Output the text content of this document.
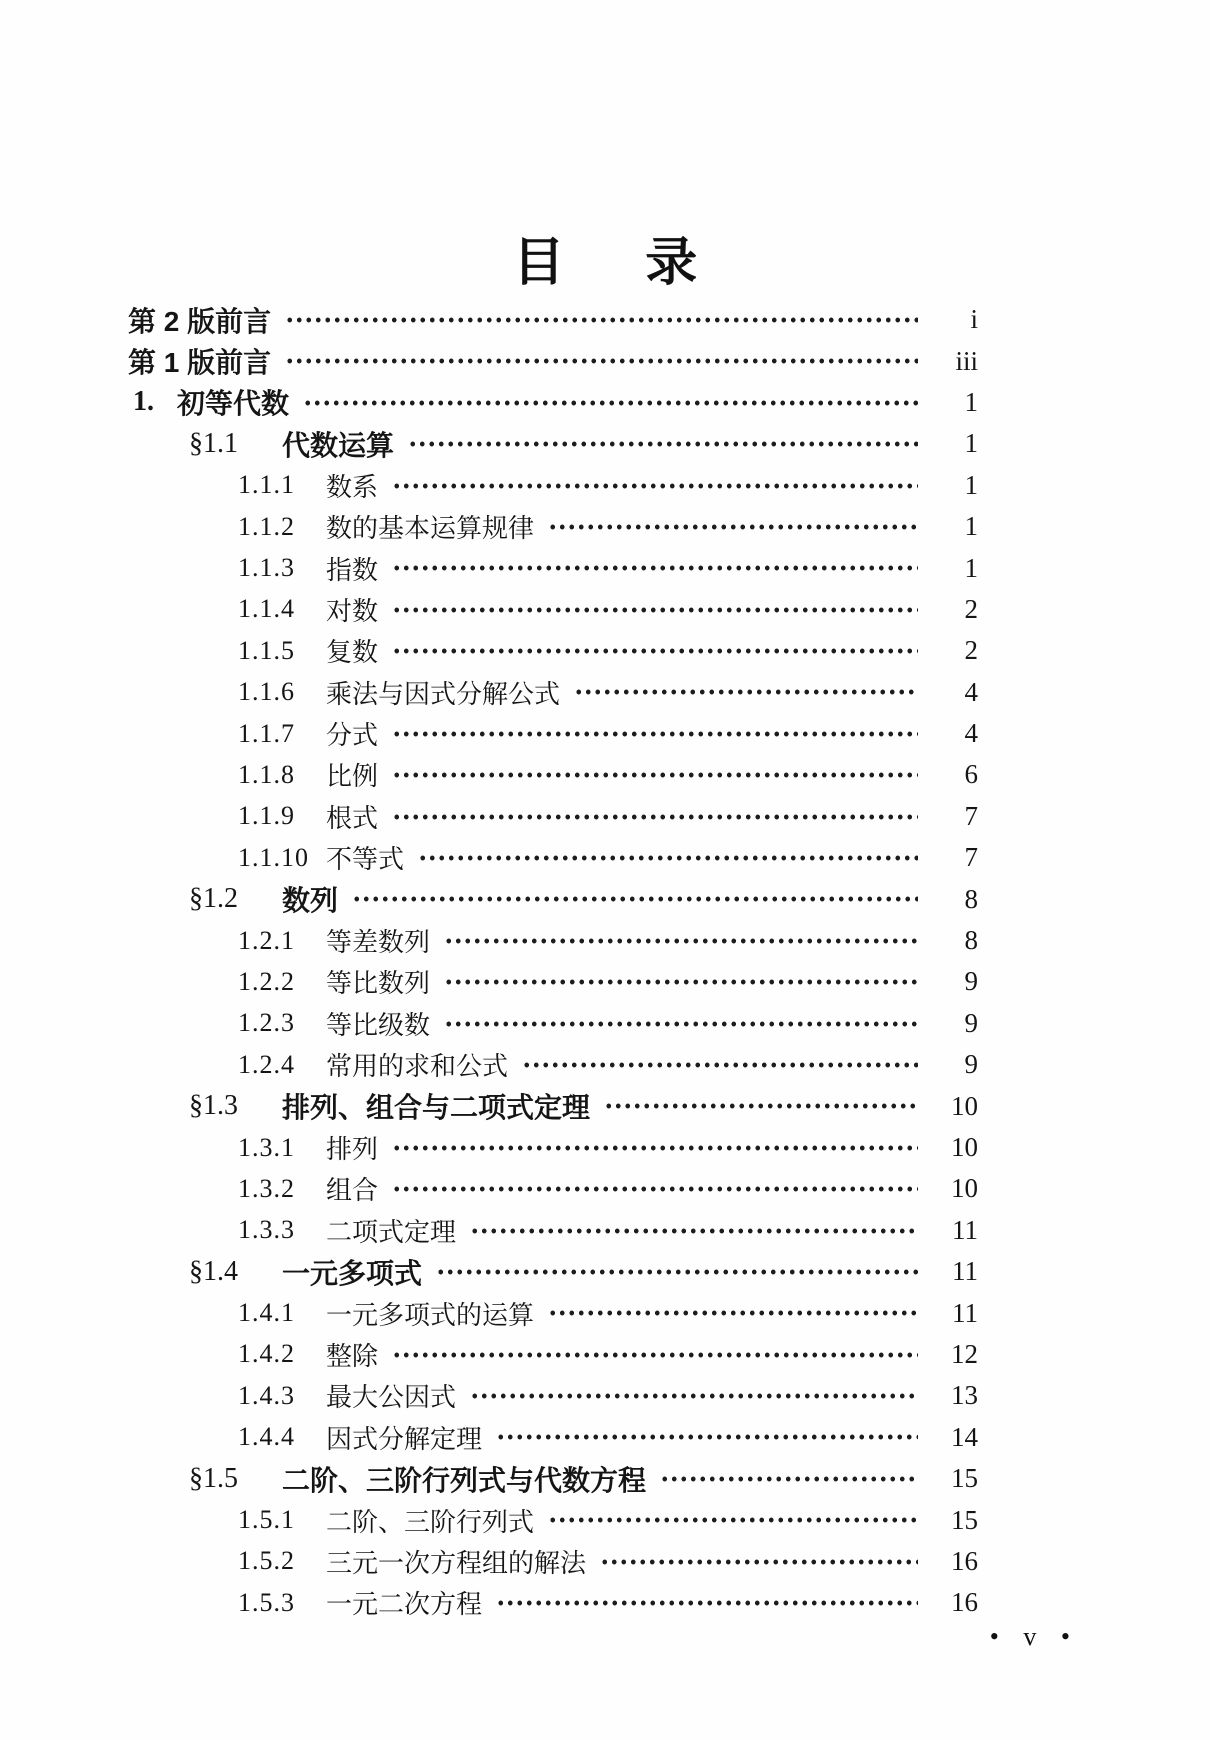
目录
第 2 版前言	i
第 1 版前言	iii
1. 初等代数	1
§1.1	代数运算	1
1.1.1	数系	1
1.1.2	数的基本运算规律	1
1.1.3	指数	1
1.1.4	对数	2
1.1.5	复数	2
1.1.6	乘法与因式分解公式	4
1.1.7	分式	4
1.1.8	比例	6
1.1.9	根式	7
1.1.10 不等式	7
§1.2	数列	8
1.2.1	等差数列	8
1.2.2	等比数列	9
1.2.3	等比级数	9
1.2.4	常用的求和公式	9
§1.3	排列、组合与二项式定理	10
1.3.1	排列	10
1.3.2	组合	10
1.3.3	二项式定理	11
§1.4	一元多项式	11
1.4.1	一元多项式的运算	11
1.4.2	整除	12
1.4.3	最大公因式	13
1.4.4	因式分解定理	14
§1.5	二阶、三阶行列式与代数方程	15
1.5.1	二阶、三阶行列式	15
1.5.2	三元一次方程组的解法	16
1.5.3	一元二次方程	16
• v •
